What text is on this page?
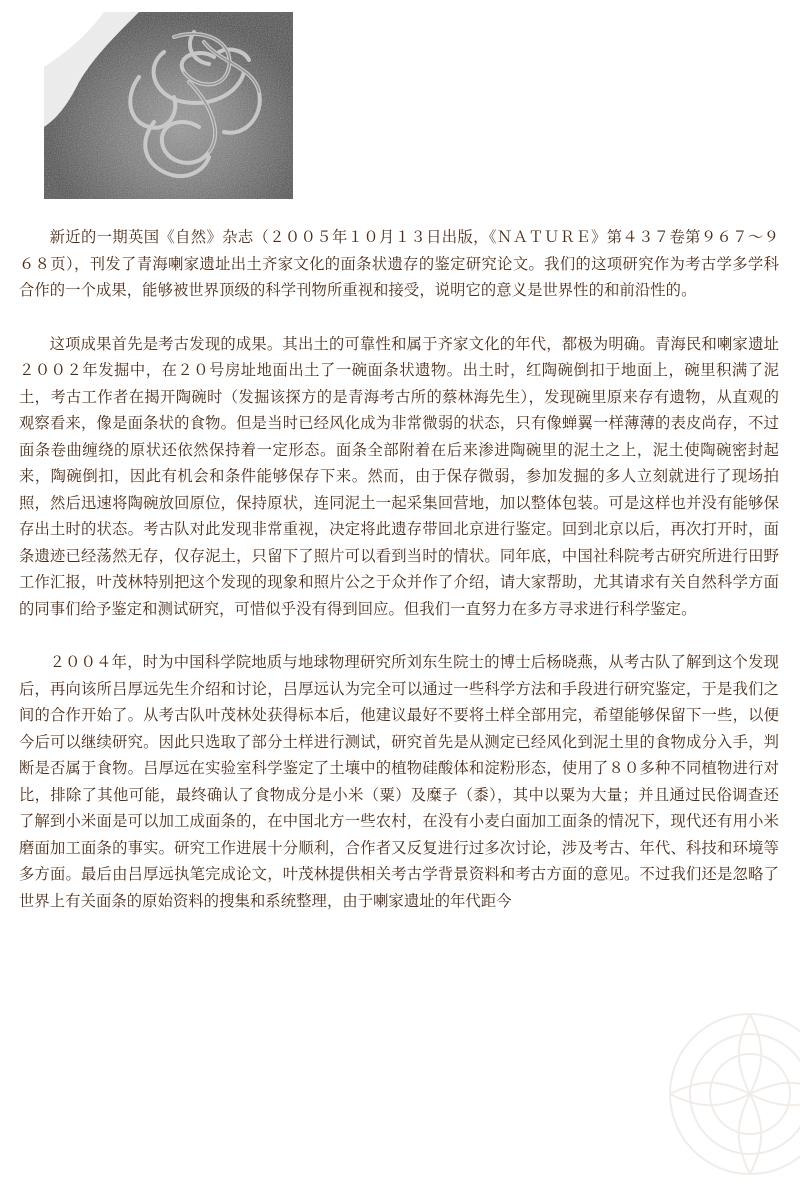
新近的一期英国《自然》杂志（２００５年１０月１３日出版，《ＮＡＴＵＲＥ》第４３７卷第９６７～９６８页），刊发了青海喇家遗址出土齐家文化的面条状遗存的鉴定研究论文。我们的这项研究作为考古学多学科合作的一个成果，能够被世界顶级的科学刊物所重视和接受，说明它的意义是世界性的和前沿性的。

这项成果首先是考古发现的成果。其出土的可靠性和属于齐家文化的年代，都极为明确。青海民和喇家遗址２００２年发掘中，在２０号房址地面出土了一碗面条状遗物。出土时，红陶碗倒扣于地面上，碗里积满了泥土，考古工作者在揭开陶碗时（发掘该探方的是青海考古所的蔡林海先生），发现碗里原来存有遗物，从直观的观察看来，像是面条状的食物。但是当时已经风化成为非常微弱的状态，只有像蝉翼一样薄薄的表皮尚存，不过面条卷曲缠绕的原状还依然保持着一定形态。面条全部附着在后来渗进陶碗里的泥土之上，泥土使陶碗密封起来，陶碗倒扣，因此有机会和条件能够保存下来。然而，由于保存微弱，参加发掘的多人立刻就进行了现场拍照，然后迅速将陶碗放回原位，保持原状，连同泥土一起采集回营地，加以整体包装。可是这样也并没有能够保存出土时的状态。考古队对此发现非常重视，决定将此遗存带回北京进行鉴定。回到北京以后，再次打开时，面条遗迹已经荡然无存，仅存泥土，只留下了照片可以看到当时的情状。同年底，中国社科院考古研究所进行田野工作汇报，叶茂林特别把这个发现的现象和照片公之于众并作了介绍，请大家帮助，尤其请求有关自然科学方面的同事们给予鉴定和测试研究，可惜似乎没有得到回应。但我们一直努力在多方寻求进行科学鉴定。

２００４年，时为中国科学院地质与地球物理研究所刘东生院士的博士后杨晓燕，从考古队了解到这个发现后，再向该所吕厚远先生介绍和讨论，吕厚远认为完全可以通过一些科学方法和手段进行研究鉴定，于是我们之间的合作开始了。从考古队叶茂林处获得标本后，他建议最好不要将土样全部用完，希望能够保留下一些，以便今后可以继续研究。因此只选取了部分土样进行测试，研究首先是从测定已经风化到泥土里的食物成分入手，判断是否属于食物。吕厚远在实验室科学鉴定了土壤中的植物硅酸体和淀粉形态，使用了８０多种不同植物进行对比，排除了其他可能，最终确认了食物成分是小米（粟）及糜子（黍），其中以粟为大量；并且通过民俗调查还了解到小米面是可以加工成面条的，在中国北方一些农村，在没有小麦白面加工面条的情况下，现代还有用小米磨面加工面条的事实。研究工作进展十分顺利，合作者又反复进行过多次讨论，涉及考古、年代、科技和环境等多方面。最后由吕厚远执笔完成论文，叶茂林提供相关考古学背景资料和考古方面的意见。不过我们还是忽略了世界上有关面条的原始资料的搜集和系统整理，由于喇家遗址的年代距今
